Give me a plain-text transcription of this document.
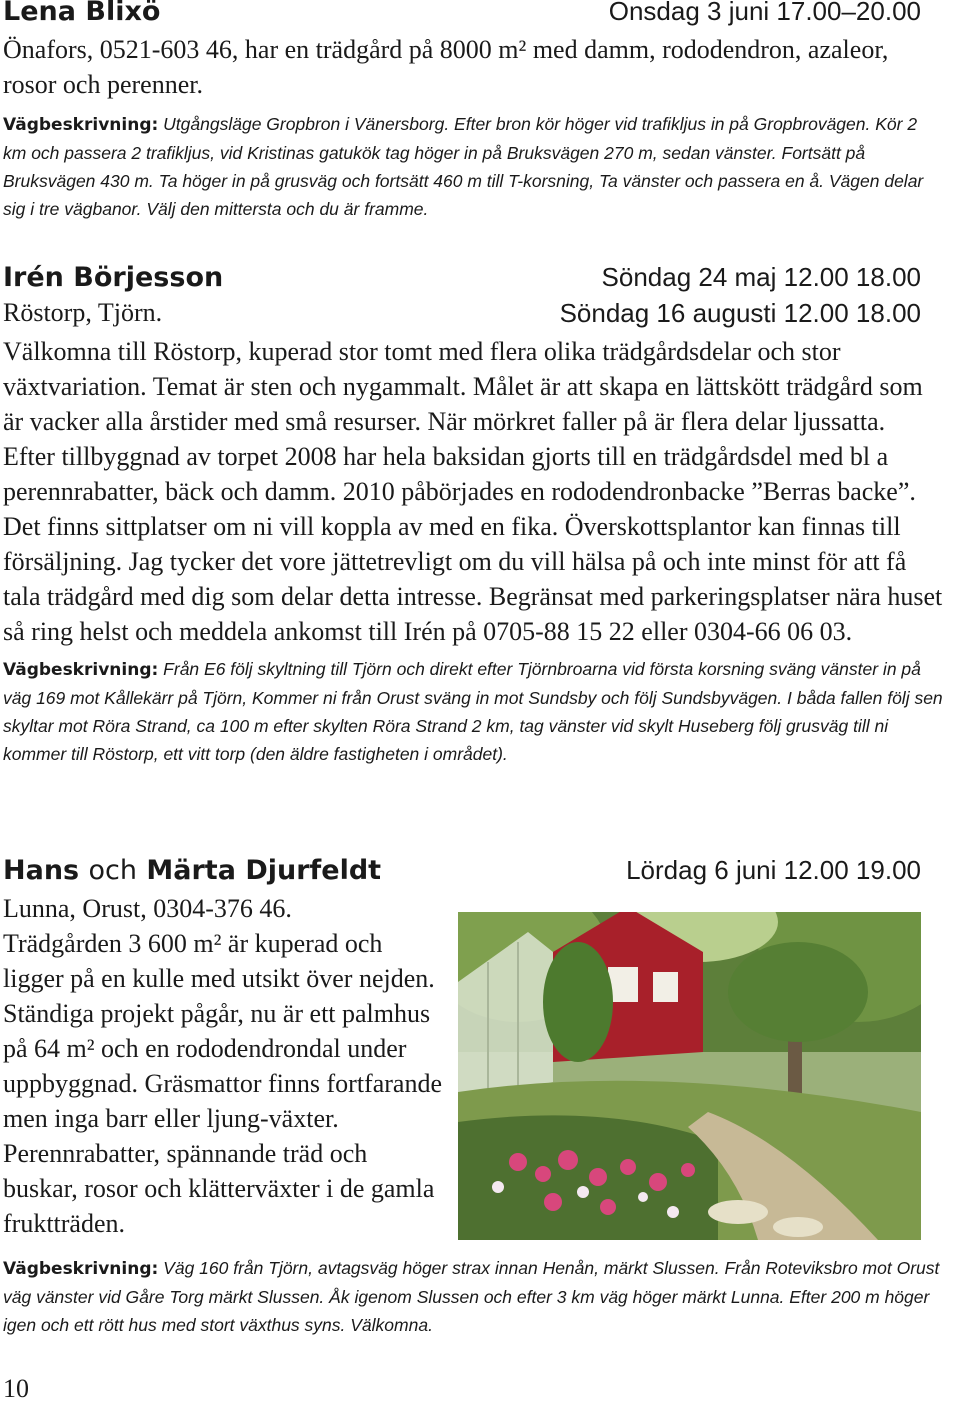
Lena Blixö	Onsdag 3 juni 17.00–20.00

Önafors, 0521-603 46, har en trädgård på 8000 m² med damm, rododendron, azaleor, rosor och perenner.

Vägbeskrivning: Utgångsläge Gropbron i Vänersborg. Efter bron kör höger vid trafikljus in på Gropbrovägen. Kör 2 km och passera 2 trafikljus, vid Kristinas gatukök tag höger in på Bruksvägen 270 m, sedan vänster. Fortsätt på Bruksvägen 430 m. Ta höger in på grusväg och fortsätt 460 m till T-korsning, Ta vänster och passera en å. Vägen delar sig i tre vägbanor. Välj den mittersta och du är framme.

Irén Börjesson	Söndag 24 maj 12.00 18.00
Röstorp, Tjörn.	Söndag 16 augusti 12.00 18.00

Välkomna till Röstorp, kuperad stor tomt med flera olika trädgårdsdelar och stor växtvariation. Temat är sten och nygammalt. Målet är att skapa en lättskött trädgård som är vacker alla årstider med små resurser. När mörkret faller på är flera delar ljussatta. Efter tillbyggnad av torpet 2008 har hela baksidan gjorts till en trädgårdsdel med bl a perennrabatter, bäck och damm. 2010 påbörjades en rododendronbacke ”Berras backe”. Det finns sittplatser om ni vill koppla av med en fika. Överskottsplantor kan finnas till försäljning. Jag tycker det vore jättetrevligt om du vill hälsa på och inte minst för att få tala trädgård med dig som delar detta intresse. Begränsat med parkeringsplatser nära huset så ring helst och meddela ankomst till Irén på 0705-88 15 22 eller 0304-66 06 03.

Vägbeskrivning: Från E6 följ skyltning till Tjörn och direkt efter Tjörnbroarna vid första korsning sväng vänster in på väg 169 mot Kållekärr på Tjörn, Kommer ni från Orust sväng in mot Sundsby och följ Sundsbyvägen. I båda fallen följ sen skyltar mot Röra Strand, ca 100 m efter skylten Röra Strand 2 km, tag vänster vid skylt Huseberg följ grusväg till ni kommer till Röstorp, ett vitt torp (den äldre fastigheten i området).

Hans och Märta Djurfeldt	Lördag 6 juni 12.00 19.00

Lunna, Orust, 0304-376 46.

Trädgården 3 600 m² är kuperad och ligger på en kulle med utsikt över nejden. Ständiga projekt pågår, nu är ett palmhus på 64 m² och en rododendrondal under uppbyggnad. Gräsmattor finns fortfarande men inga barr eller ljung-växter. Perennrabatter, spännande träd och buskar, rosor och klätterväxter i de gamla fruktträden.

Vägbeskrivning: Väg 160 från Tjörn, avtagsväg höger strax innan Henån, märkt Slussen. Från Roteviksbro mot Orust väg vänster vid Gåre Torg märkt Slussen. Åk igenom Slussen och efter 3 km väg höger märkt Lunna. Efter 200 m höger igen och ett rött hus med stort växthus syns. Välkomna.

10
